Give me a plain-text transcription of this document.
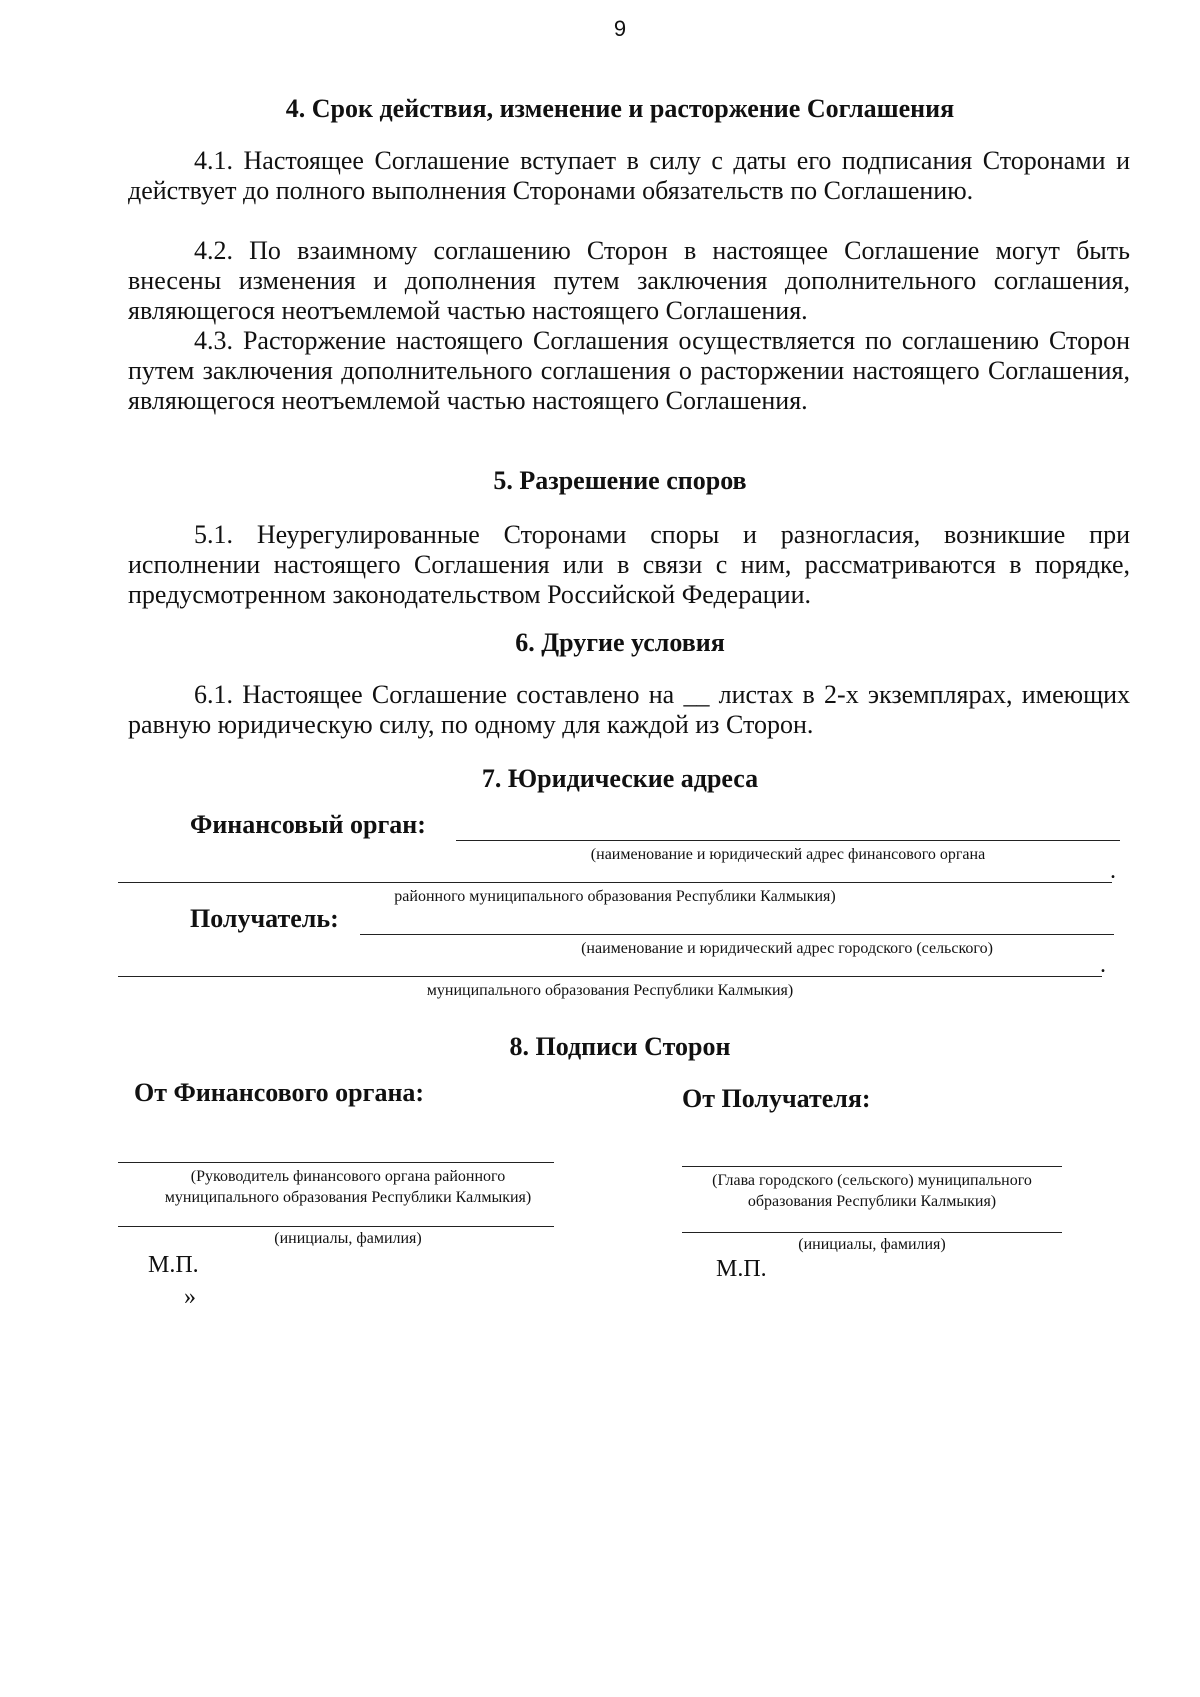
9
4. Срок действия, изменение и расторжение Соглашения
4.1. Настоящее Соглашение вступает в силу с даты его подписания Сторонами и действует до полного выполнения Сторонами обязательств по Соглашению.
4.2. По взаимному соглашению Сторон в настоящее Соглашение могут быть внесены изменения и дополнения путем заключения дополнительного соглашения, являющегося неотъемлемой частью настоящего Соглашения.
4.3. Расторжение настоящего Соглашения осуществляется по соглашению Сторон путем заключения дополнительного соглашения о расторжении настоящего Соглашения, являющегося неотъемлемой частью настоящего Соглашения.
5. Разрешение споров
5.1. Неурегулированные Сторонами споры и разногласия, возникшие при исполнении настоящего Соглашения или в связи с ним, рассматриваются в порядке, предусмотренном законодательством Российской Федерации.
6. Другие условия
6.1. Настоящее Соглашение составлено на __ листах в 2-х экземплярах, имеющих равную юридическую силу, по одному для каждой из Сторон.
7. Юридические адреса
Финансовый орган:
(наименование и юридический адрес финансового органа
.
районного муниципального образования Республики Калмыкия)
Получатель:
(наименование и юридический адрес городского (сельского)
.
муниципального образования Республики Калмыкия)
8. Подписи Сторон
От Финансового органа:	От Получателя:
(Руководитель финансового органа районного
муниципального образования Республики Калмыкия)
(инициалы, фамилия)
М.П.
»
(Глава городского (сельского) муниципального
образования Республики Калмыкия)
(инициалы, фамилия)
М.П.
